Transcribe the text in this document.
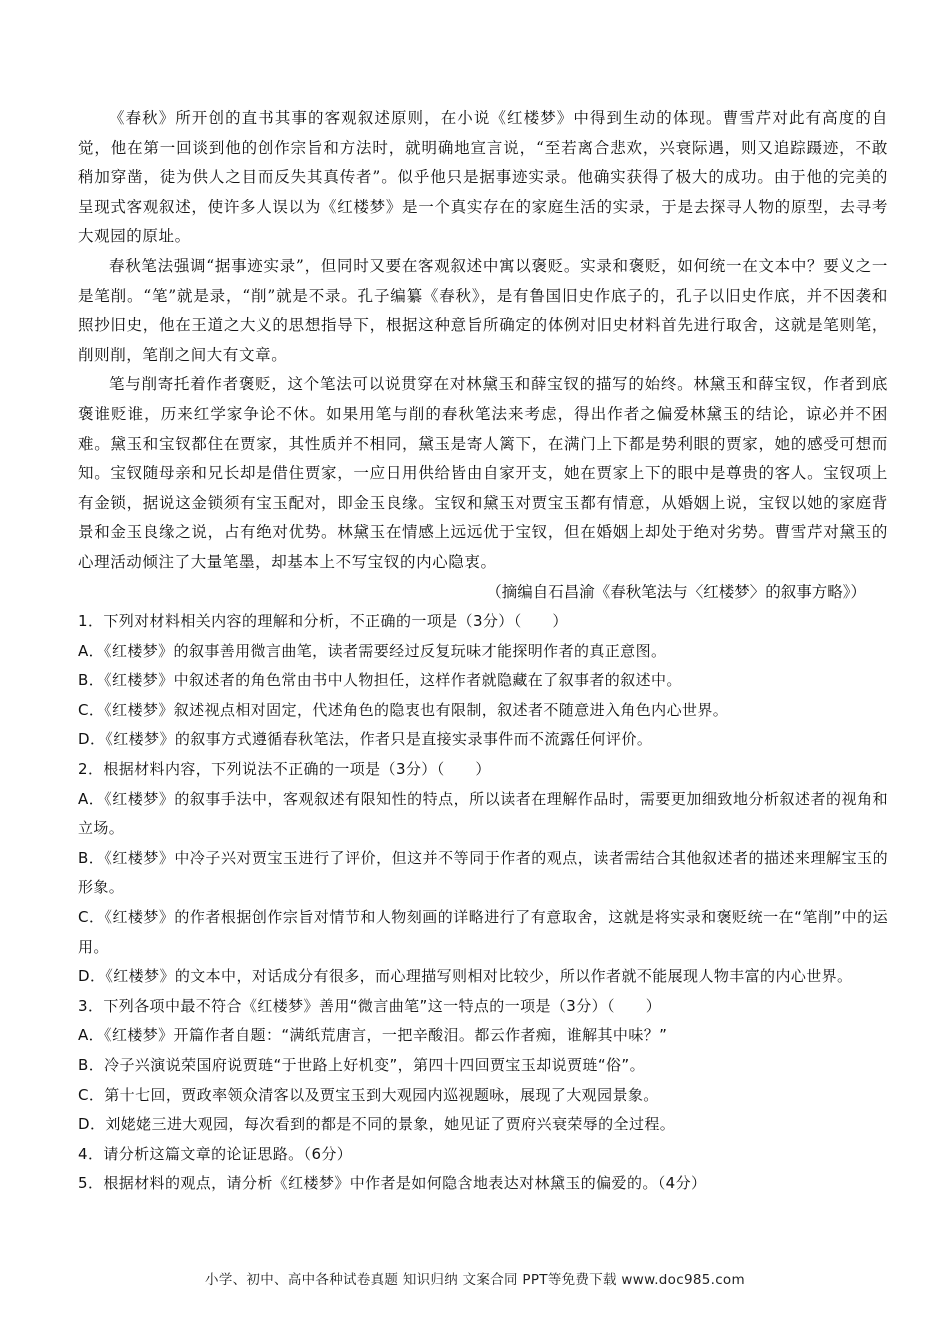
《春秋》所开创的直书其事的客观叙述原则，在小说《红楼梦》中得到生动的体现。曹雪芹对此有高度的自觉，他在第一回谈到他的创作宗旨和方法时，就明确地宣言说，“至若离合悲欢，兴衰际遇，则又追踪蹑迹，不敢稍加穿凿，徒为供人之目而反失其真传者”。似乎他只是据事迹实录。他确实获得了极大的成功。由于他的完美的呈现式客观叙述，使许多人误以为《红楼梦》是一个真实存在的家庭生活的实录，于是去探寻人物的原型，去寻考大观园的原址。

春秋笔法强调“据事迹实录”，但同时又要在客观叙述中寓以褒贬。实录和褒贬，如何统一在文本中？要义之一是笔削。“笔”就是录，“削”就是不录。孔子编纂《春秋》，是有鲁国旧史作底子的，孔子以旧史作底，并不因袭和照抄旧史，他在王道之大义的思想指导下，根据这种意旨所确定的体例对旧史材料首先进行取舍，这就是笔则笔，削则削，笔削之间大有文章。

笔与削寄托着作者褒贬，这个笔法可以说贯穿在对林黛玉和薛宝钗的描写的始终。林黛玉和薛宝钗，作者到底褒谁贬谁，历来红学家争论不休。如果用笔与削的春秋笔法来考虑，得出作者之偏爱林黛玉的结论，谅必并不困难。黛玉和宝钗都住在贾家，其性质并不相同，黛玉是寄人篱下，在满门上下都是势利眼的贾家，她的感受可想而知。宝钗随母亲和兄长却是借住贾家，一应日用供给皆由自家开支，她在贾家上下的眼中是尊贵的客人。宝钗项上有金锁，据说这金锁须有宝玉配对，即金玉良缘。宝钗和黛玉对贾宝玉都有情意，从婚姻上说，宝钗以她的家庭背景和金玉良缘之说，占有绝对优势。林黛玉在情感上远远优于宝钗，但在婚姻上却处于绝对劣势。曹雪芹对黛玉的心理活动倾注了大量笔墨，却基本上不写宝钗的内心隐衷。

（摘编自石昌渝《春秋笔法与〈红楼梦〉的叙事方略》）

1．下列对材料相关内容的理解和分析，不正确的一项是（3分）（　　）

A．《红楼梦》的叙事善用微言曲笔，读者需要经过反复玩味才能探明作者的真正意图。

B．《红楼梦》中叙述者的角色常由书中人物担任，这样作者就隐藏在了叙事者的叙述中。

C．《红楼梦》叙述视点相对固定，代述角色的隐衷也有限制，叙述者不随意进入角色内心世界。

D．《红楼梦》的叙事方式遵循春秋笔法，作者只是直接实录事件而不流露任何评价。

2．根据材料内容，下列说法不正确的一项是（3分）（　　）

A．《红楼梦》的叙事手法中，客观叙述有限知性的特点，所以读者在理解作品时，需要更加细致地分析叙述者的视角和立场。

B．《红楼梦》中冷子兴对贾宝玉进行了评价，但这并不等同于作者的观点，读者需结合其他叙述者的描述来理解宝玉的形象。

C．《红楼梦》的作者根据创作宗旨对情节和人物刻画的详略进行了有意取舍，这就是将实录和褒贬统一在“笔削”中的运用。

D．《红楼梦》的文本中，对话成分有很多，而心理描写则相对比较少，所以作者就不能展现人物丰富的内心世界。

3．下列各项中最不符合《红楼梦》善用“微言曲笔”这一特点的一项是（3分）（　　）

A．《红楼梦》开篇作者自题：“满纸荒唐言，一把辛酸泪。都云作者痴，谁解其中味？”

B．冷子兴演说荣国府说贾琏“于世路上好机变”，第四十四回贾宝玉却说贾琏“俗”。

C．第十七回，贾政率领众清客以及贾宝玉到大观园内巡视题咏，展现了大观园景象。

D．刘姥姥三进大观园，每次看到的都是不同的景象，她见证了贾府兴衰荣辱的全过程。

4．请分析这篇文章的论证思路。（6分）

5．根据材料的观点，请分析《红楼梦》中作者是如何隐含地表达对林黛玉的偏爱的。（4分）

小学、初中、高中各种试卷真题 知识归纳 文案合同 PPT等免费下载 www.doc985.com
